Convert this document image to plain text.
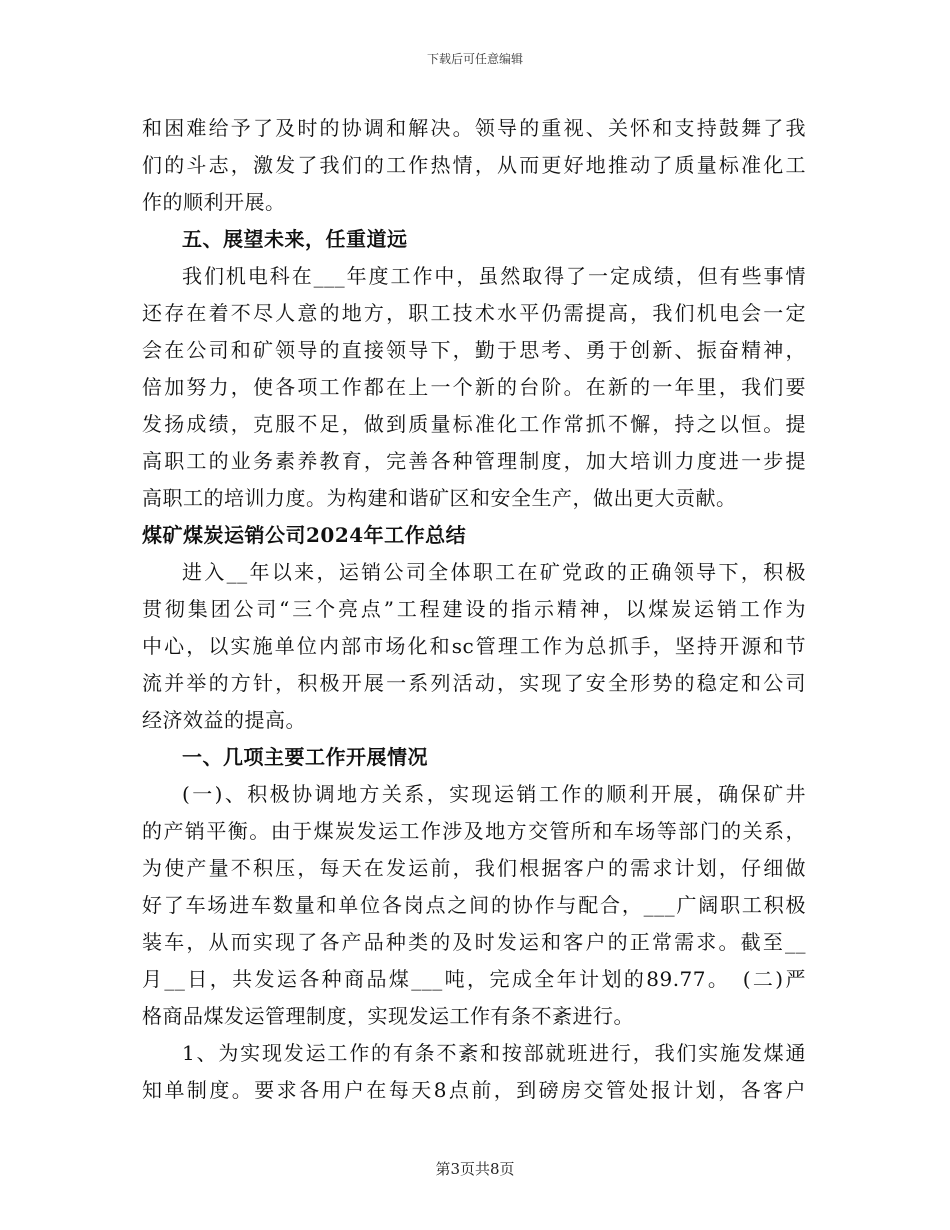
下载后可任意编辑
和困难给予了及时的协调和解决。领导的重视、关怀和支持鼓舞了我
们的斗志，激发了我们的工作热情，从而更好地推动了质量标准化工
作的顺利开展。
五、展望未来，任重道远
我们机电科在___年度工作中，虽然取得了一定成绩，但有些事情
还存在着不尽人意的地方，职工技术水平仍需提高，我们机电会一定
会在公司和矿领导的直接领导下，勤于思考、勇于创新、振奋精神，
倍加努力，使各项工作都在上一个新的台阶。在新的一年里，我们要
发扬成绩，克服不足，做到质量标准化工作常抓不懈，持之以恒。提
高职工的业务素养教育，完善各种管理制度，加大培训力度进一步提
高职工的培训力度。为构建和谐矿区和安全生产，做出更大贡献。
煤矿煤炭运销公司2024年工作总结
进入__年以来，运销公司全体职工在矿党政的正确领导下，积极
贯彻集团公司“三个亮点”工程建设的指示精神，以煤炭运销工作为
中心，以实施单位内部市场化和sc管理工作为总抓手，坚持开源和节
流并举的方针，积极开展一系列活动，实现了安全形势的稳定和公司
经济效益的提高。
一、几项主要工作开展情况
(一)、积极协调地方关系，实现运销工作的顺利开展，确保矿井
的产销平衡。由于煤炭发运工作涉及地方交管所和车场等部门的关系，
为使产量不积压，每天在发运前，我们根据客户的需求计划，仔细做
好了车场进车数量和单位各岗点之间的协作与配合，___广阔职工积极
装车，从而实现了各产品种类的及时发运和客户的正常需求。截至__
月__日，共发运各种商品煤___吨，完成全年计划的89.77。　(二)严
格商品煤发运管理制度，实现发运工作有条不紊进行。
1、为实现发运工作的有条不紊和按部就班进行，我们实施发煤通
知单制度。要求各用户在每天8点前，到磅房交管处报计划，各客户
第3页共8页
